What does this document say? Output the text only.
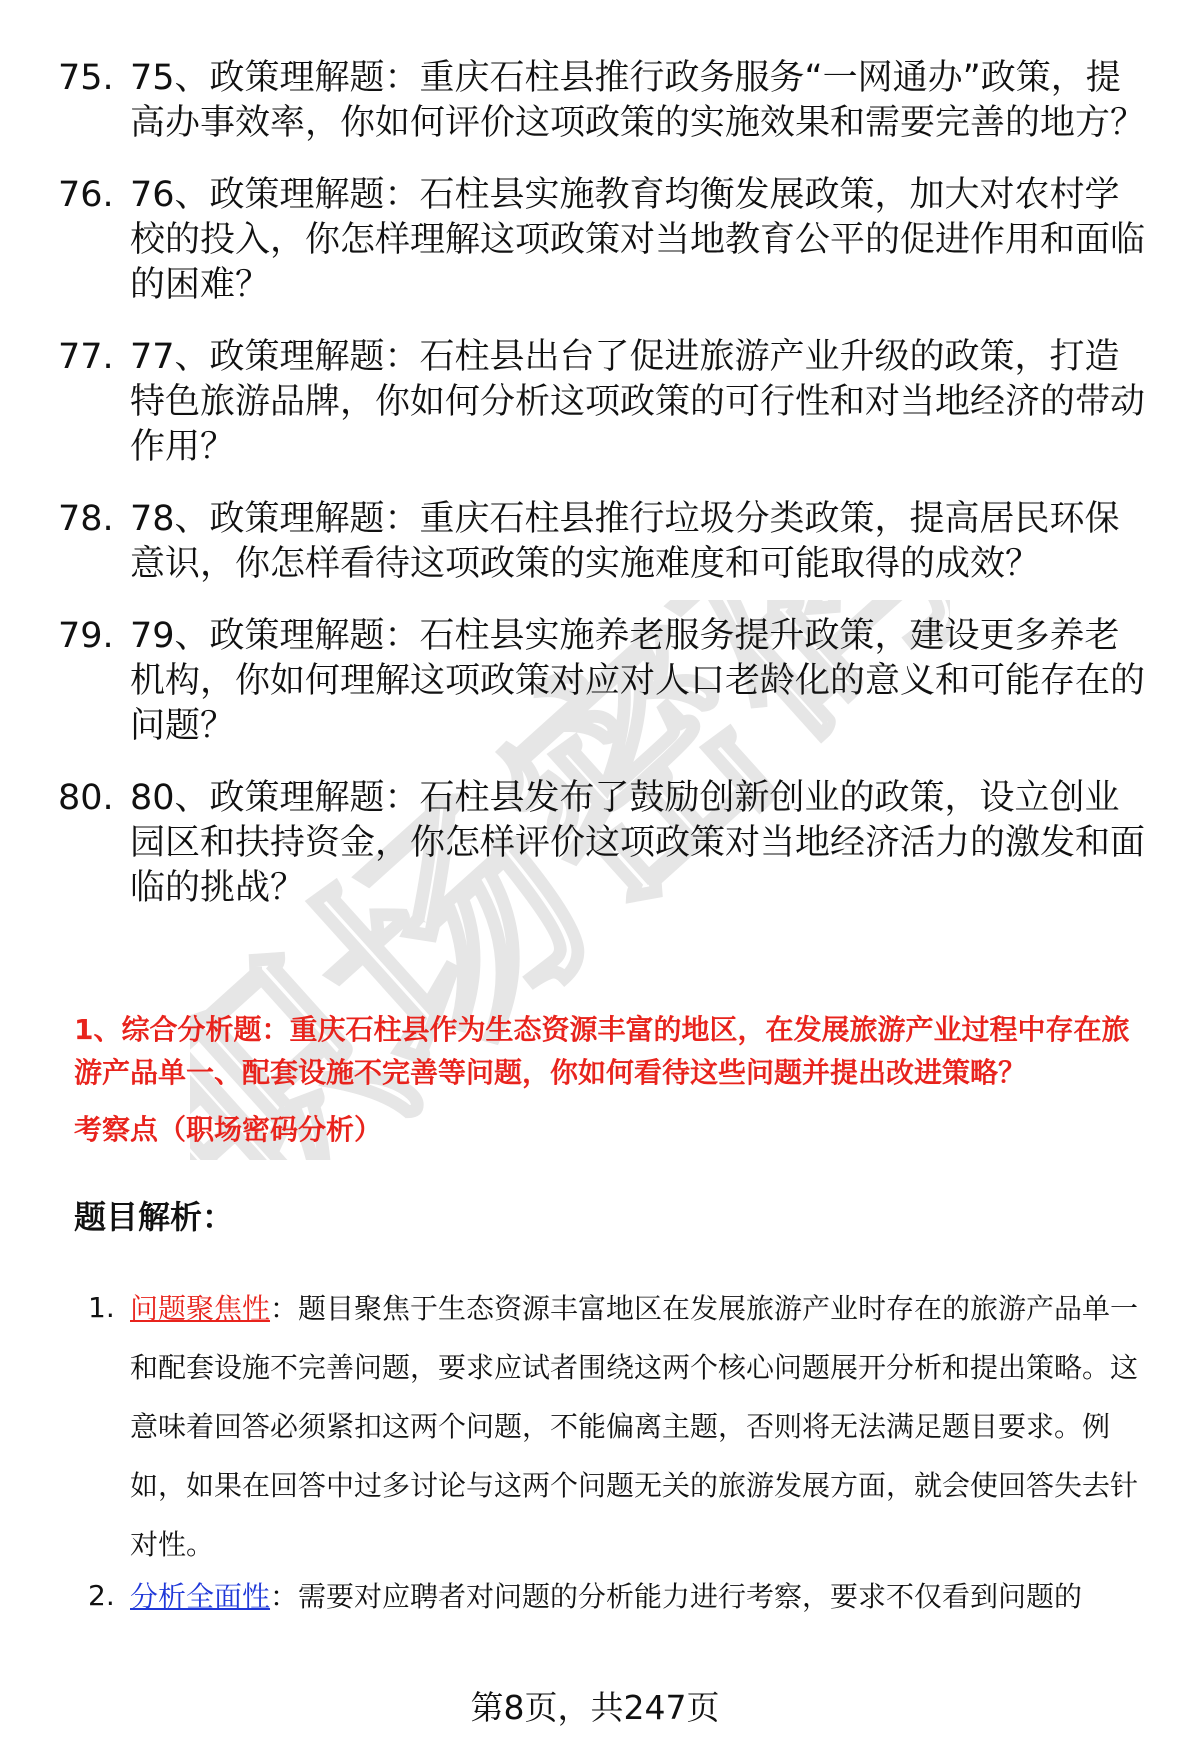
职场密码
75. 75、政策理解题：重庆石柱县推行政务服务“一网通办”政策，提高办事效率，你如何评价这项政策的实施效果和需要完善的地方？
76. 76、政策理解题：石柱县实施教育均衡发展政策，加大对农村学校的投入，你怎样理解这项政策对当地教育公平的促进作用和面临的困难？
77. 77、政策理解题：石柱县出台了促进旅游产业升级的政策，打造特色旅游品牌，你如何分析这项政策的可行性和对当地经济的带动作用？
78. 78、政策理解题：重庆石柱县推行垃圾分类政策，提高居民环保意识，你怎样看待这项政策的实施难度和可能取得的成效？
79. 79、政策理解题：石柱县实施养老服务提升政策，建设更多养老机构，你如何理解这项政策对应对人口老龄化的意义和可能存在的问题？
80. 80、政策理解题：石柱县发布了鼓励创新创业的政策，设立创业园区和扶持资金，你怎样评价这项政策对当地经济活力的激发和面临的挑战？
1、综合分析题：重庆石柱县作为生态资源丰富的地区，在发展旅游产业过程中存在旅游产品单一、配套设施不完善等问题，你如何看待这些问题并提出改进策略？
考察点（职场密码分析）
题目解析：
1. 问题聚焦性：题目聚焦于生态资源丰富地区在发展旅游产业时存在的旅游产品单一和配套设施不完善问题，要求应试者围绕这两个核心问题展开分析和提出策略。这意味着回答必须紧扣这两个问题，不能偏离主题，否则将无法满足题目要求。例如，如果在回答中过多讨论与这两个问题无关的旅游发展方面，就会使回答失去针对性。
2. 分析全面性：需要对应聘者对问题的分析能力进行考察，要求不仅看到问题的
第8页，共247页
